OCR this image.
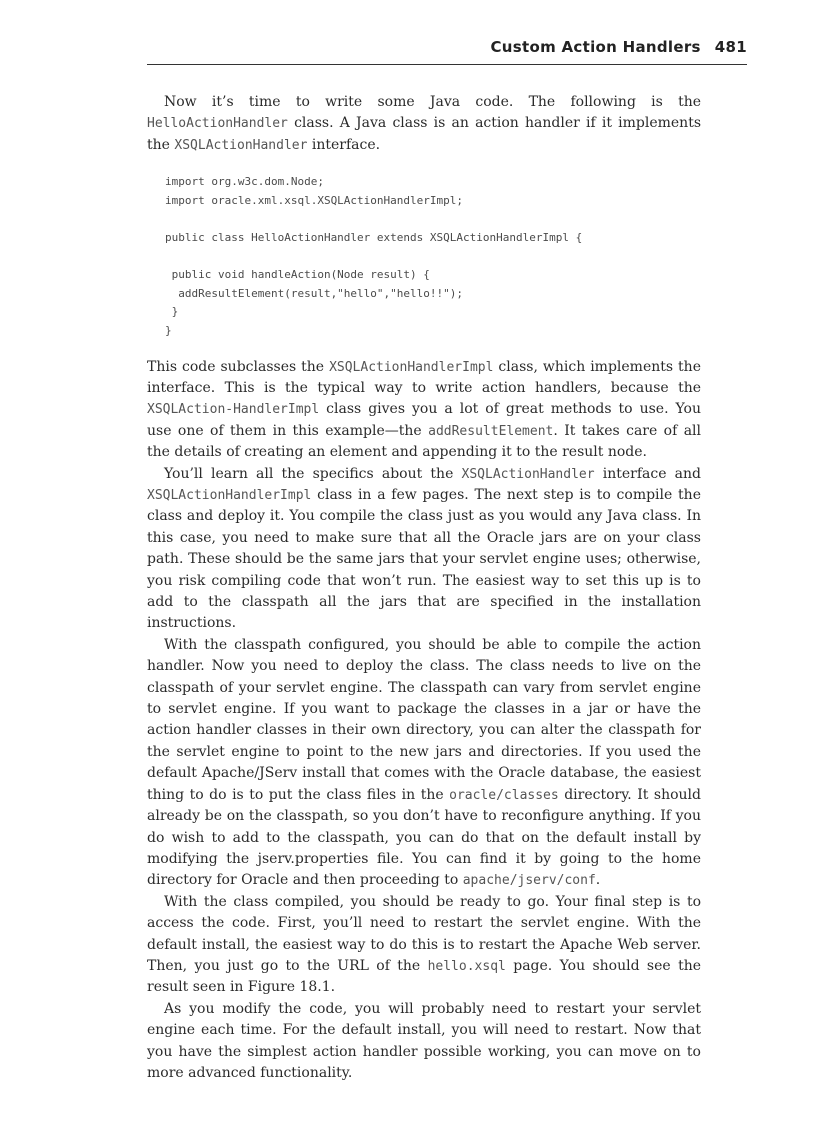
Custom Action Handlers 481

Now it’s time to write some Java code. The following is the HelloActionHandler class. A Java class is an action handler if it implements the XSQLActionHandler interface.

import org.w3c.dom.Node;
import oracle.xml.xsql.XSQLActionHandlerImpl;

public class HelloActionHandler extends XSQLActionHandlerImpl {

public void handleAction(Node result) {
addResultElement(result,"hello","hello!!");
}
}

This code subclasses the XSQLActionHandlerImpl class, which implements the interface. This is the typical way to write action handlers, because the XSQLAction-HandlerImpl class gives you a lot of great methods to use. You use one of them in this example—the addResultElement. It takes care of all the details of creating an element and appending it to the result node.

You’ll learn all the specifics about the XSQLActionHandler interface and XSQLActionHandlerImpl class in a few pages. The next step is to compile the class and deploy it. You compile the class just as you would any Java class. In this case, you need to make sure that all the Oracle jars are on your class path. These should be the same jars that your servlet engine uses; otherwise, you risk compiling code that won’t run. The easiest way to set this up is to add to the classpath all the jars that are specified in the installation instructions.

With the classpath configured, you should be able to compile the action handler. Now you need to deploy the class. The class needs to live on the classpath of your servlet engine. The classpath can vary from servlet engine to servlet engine. If you want to package the classes in a jar or have the action handler classes in their own directory, you can alter the classpath for the servlet engine to point to the new jars and directories. If you used the default Apache/JServ install that comes with the Oracle database, the easiest thing to do is to put the class files in the oracle/classes directory. It should already be on the classpath, so you don’t have to reconfigure anything. If you do wish to add to the classpath, you can do that on the default install by modifying the jserv.properties file. You can find it by going to the home directory for Oracle and then proceeding to apache/jserv/conf.

With the class compiled, you should be ready to go. Your final step is to access the code. First, you’ll need to restart the servlet engine. With the default install, the easiest way to do this is to restart the Apache Web server. Then, you just go to the URL of the hello.xsql page. You should see the result seen in Figure 18.1.

As you modify the code, you will probably need to restart your servlet engine each time. For the default install, you will need to restart. Now that you have the simplest action handler possible working, you can move on to more advanced functionality.
